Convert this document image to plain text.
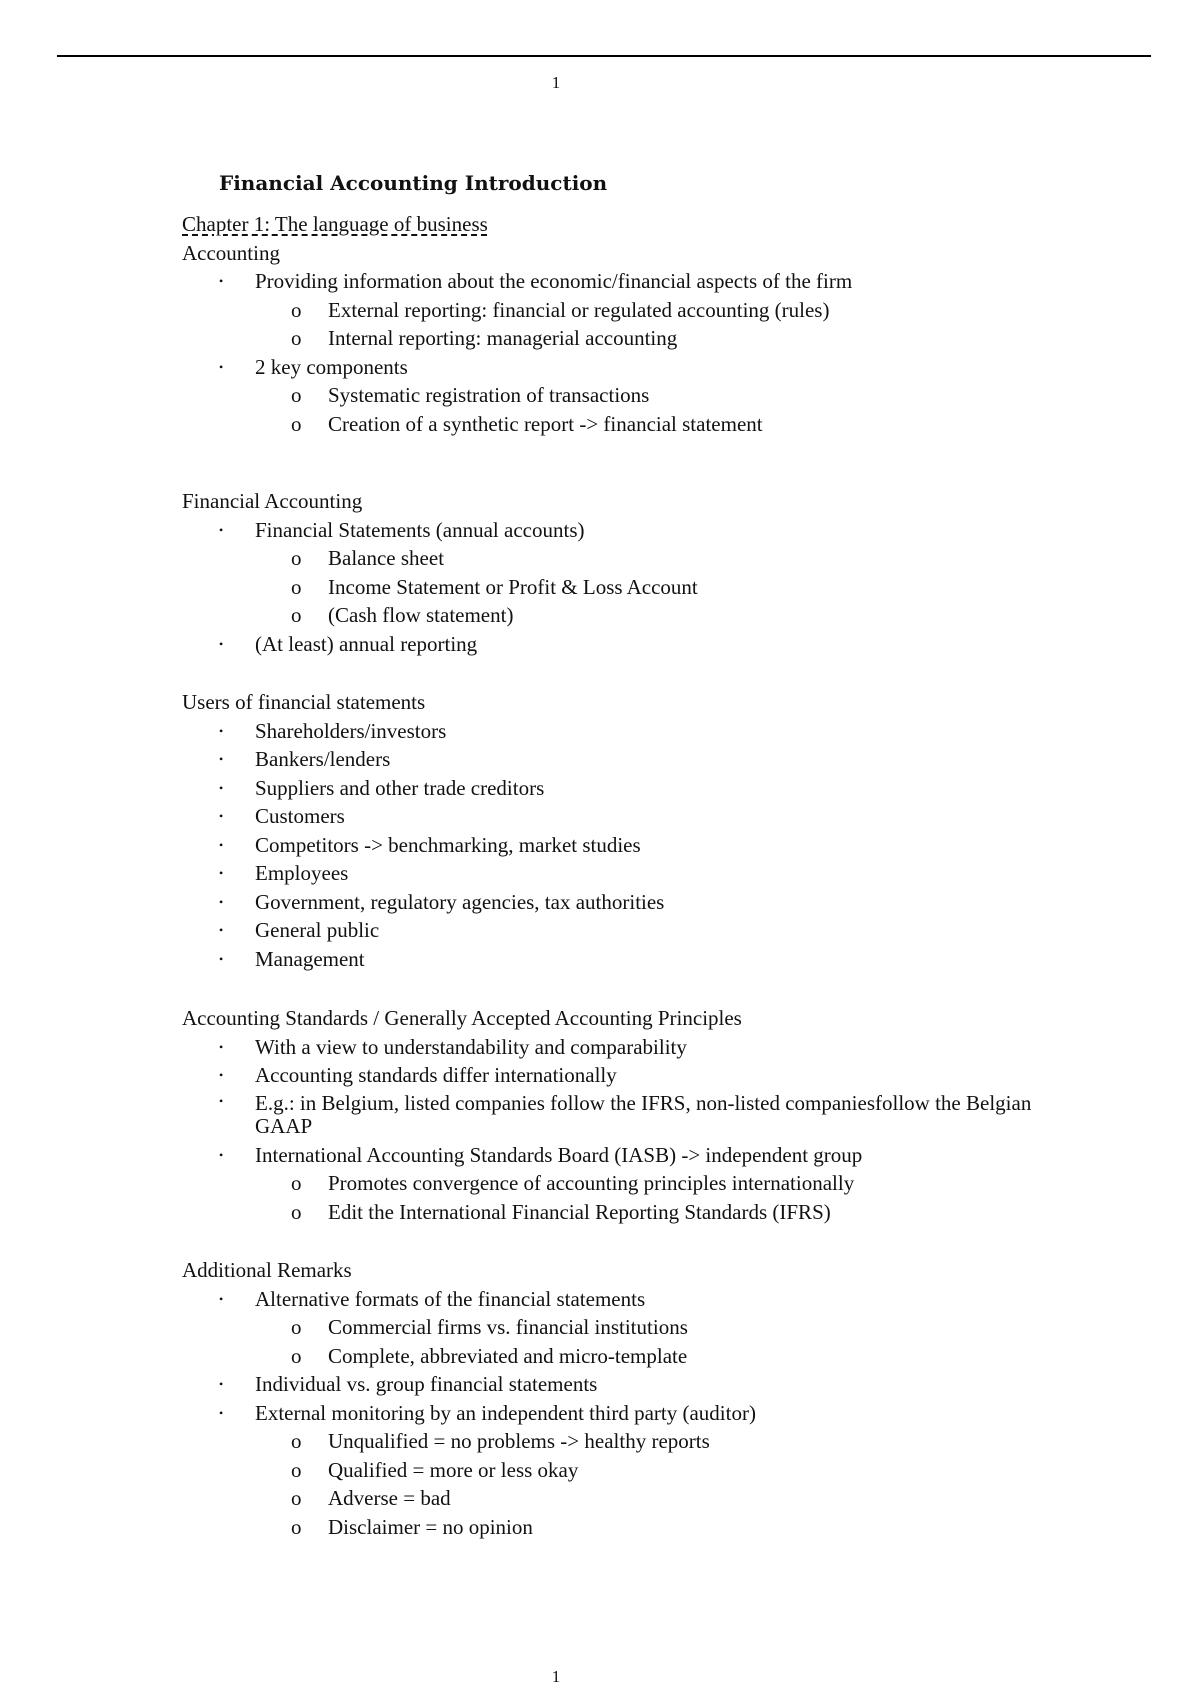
1
Financial Accounting Introduction

Chapter 1: The language of business

Accounting

• Providing information about the economic/financial aspects of the firm
o External reporting: financial or regulated accounting (rules)
o Internal reporting: managerial accounting
• 2 key components
o Systematic registration of transactions
o Creation of a synthetic report -> financial statement

Financial Accounting

• Financial Statements (annual accounts)
o Balance sheet
o Income Statement or Profit & Loss Account
o (Cash flow statement)
• (At least) annual reporting

Users of financial statements

• Shareholders/investors
• Bankers/lenders
• Suppliers and other trade creditors
• Customers
• Competitors -> benchmarking, market studies
• Employees
• Government, regulatory agencies, tax authorities
• General public
• Management

Accounting Standards / Generally Accepted Accounting Principles

• With a view to understandability and comparability
• Accounting standards differ internationally
• E.g.: in Belgium, listed companies follow the IFRS, non-listed companiesfollow the Belgian GAAP
• International Accounting Standards Board (IASB) -> independent group
o Promotes convergence of accounting principles internationally
o Edit the International Financial Reporting Standards (IFRS)

Additional Remarks

• Alternative formats of the financial statements
o Commercial firms vs. financial institutions
o Complete, abbreviated and micro-template
• Individual vs. group financial statements
• External monitoring by an independent third party (auditor)
o Unqualified = no problems -> healthy reports
o Qualified = more or less okay
o Adverse = bad
o Disclaimer = no opinion
1
